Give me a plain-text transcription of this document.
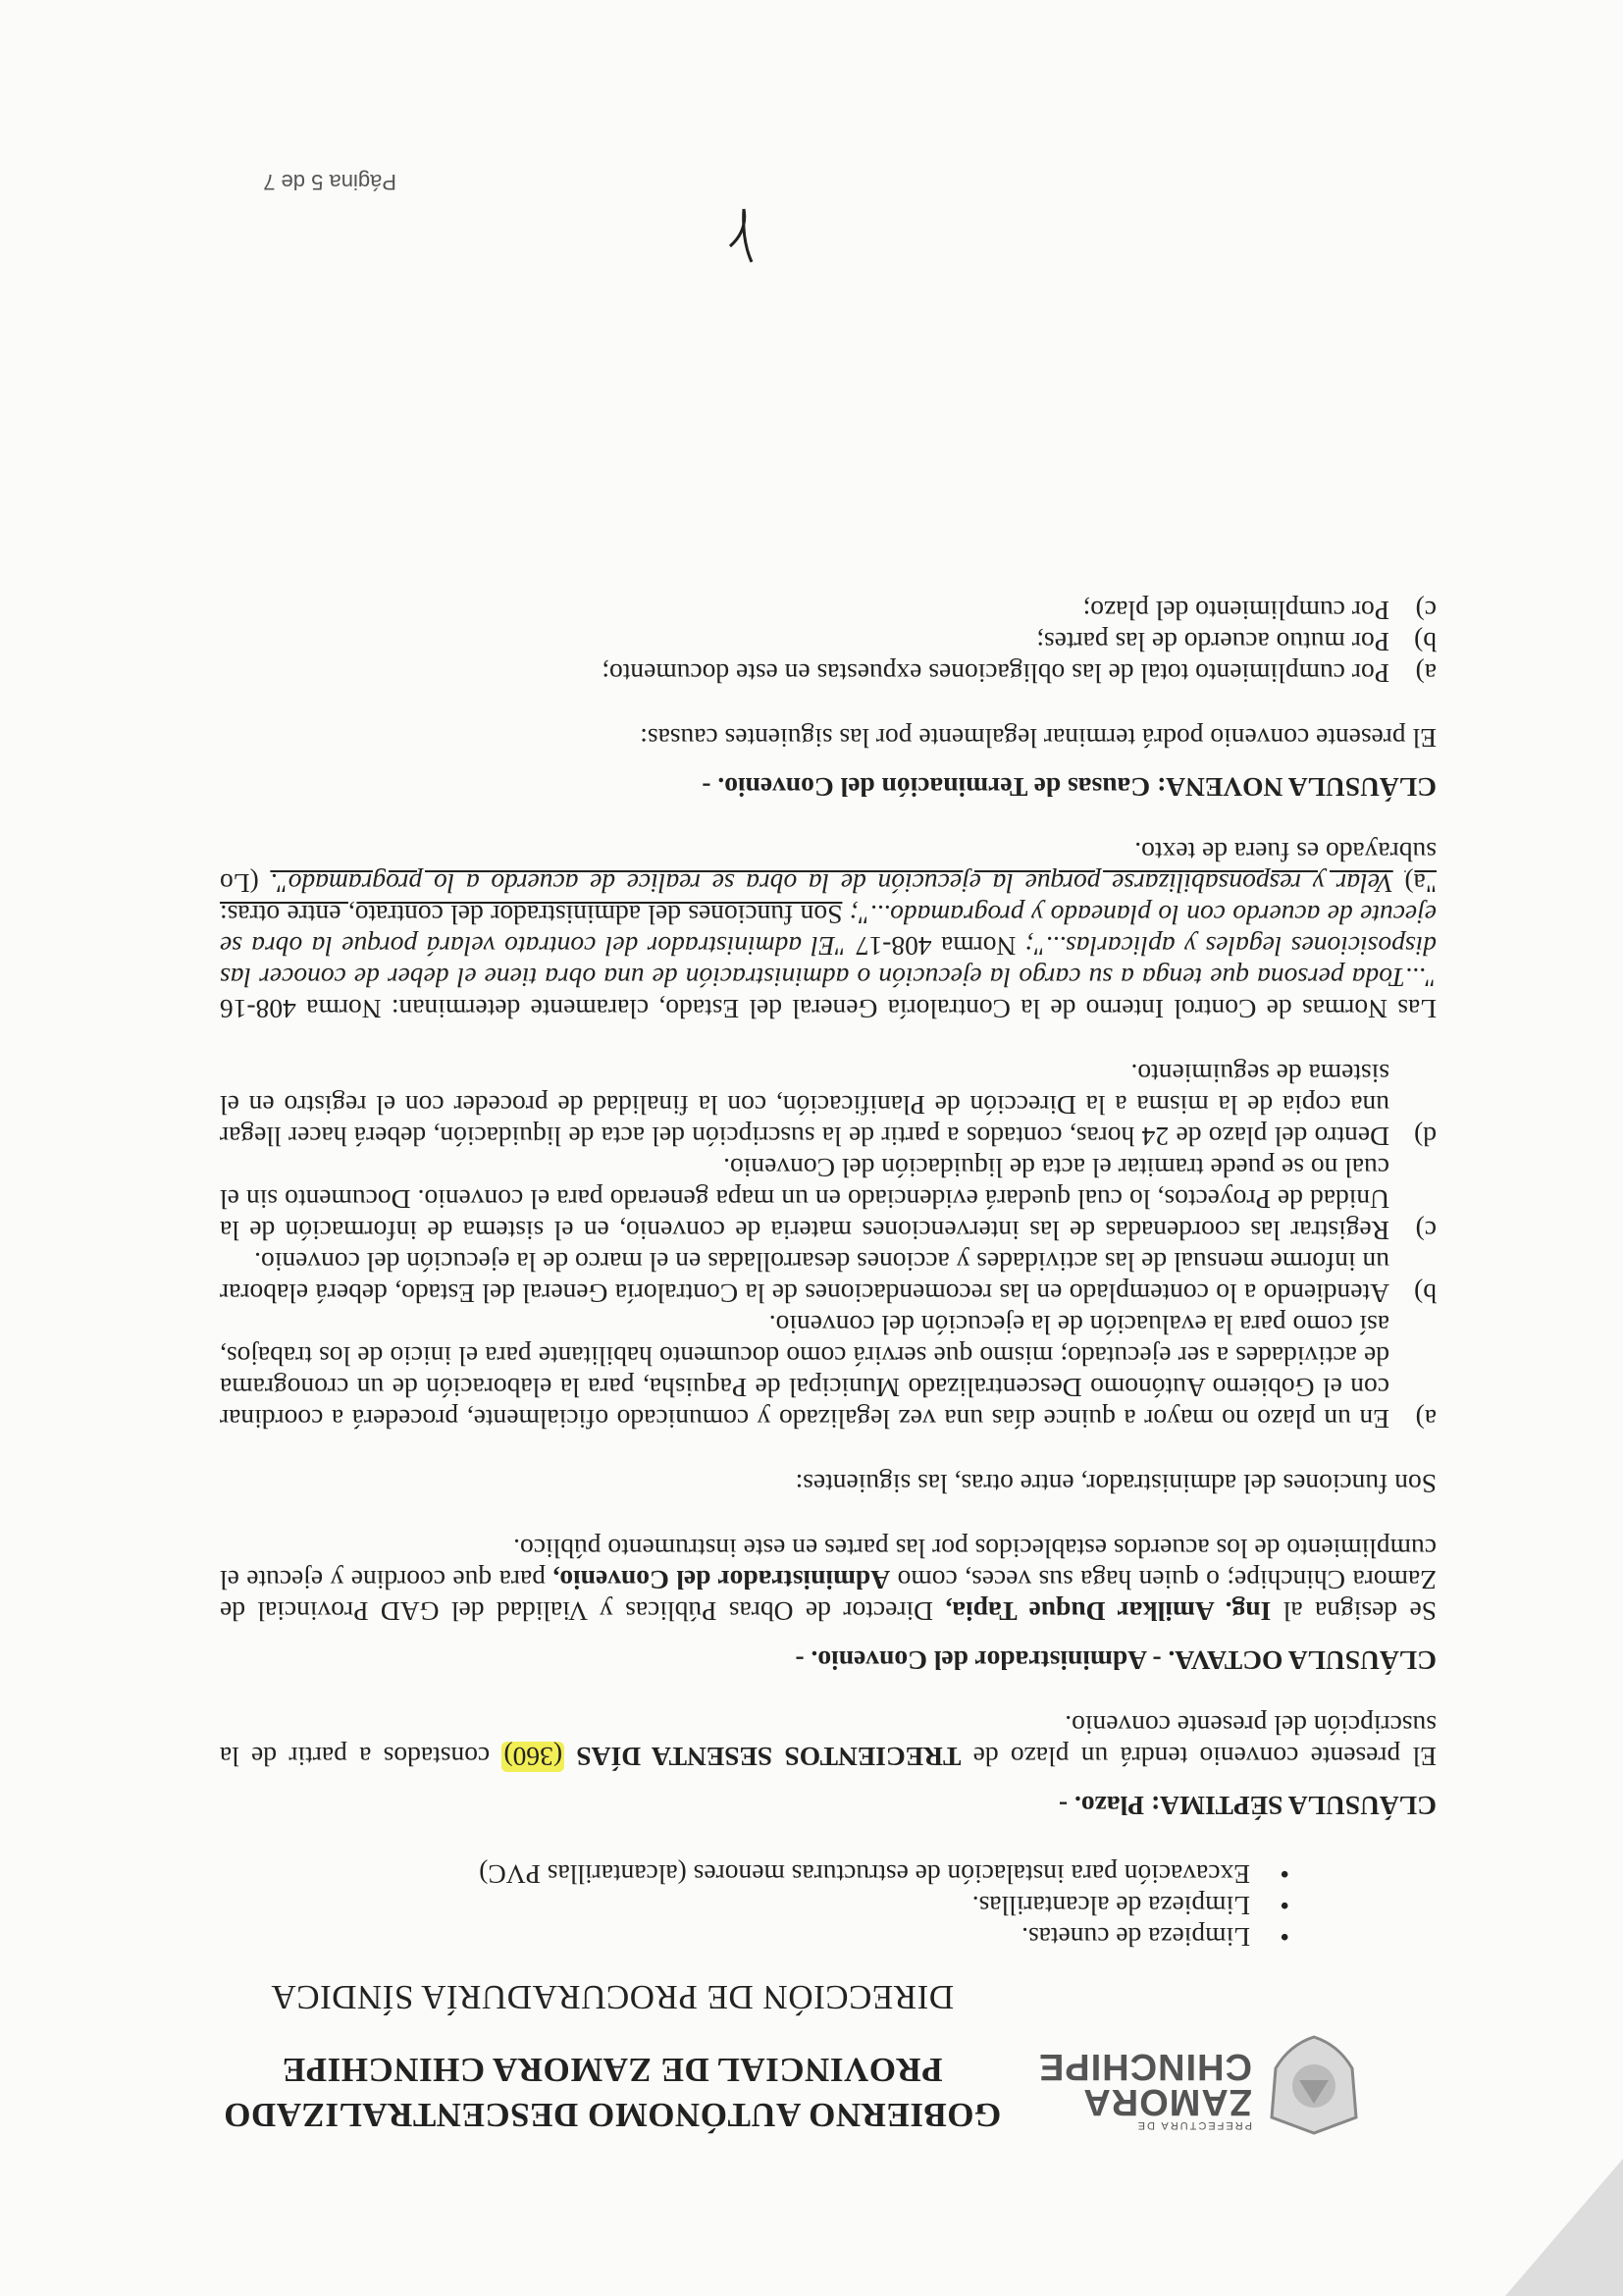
PREFECTURA DE
ZAMORA
CHINCHIPE
GOBIERNO AUTÓNOMO DESCENTRALIZADO
PROVINCIAL DE ZAMORA CHINCHIPE
DIRECCIÓN DE PROCURADURÍA SÍNDICA
• Limpieza de cunetas.
• Limpieza de alcantarillas.
• Excavación para instalación de estructuras menores (alcantarillas PVC)
CLÁUSULA SÉPTIMA: Plazo. -

El presente convenio tendrá un plazo de TRECIENTOS SESENTA DÍAS (360) constados a partir de la suscripción del presente convenio.

CLÁUSULA OCTAVA. - Administrador del Convenio. -

Se designa al Ing. Amilkar Duque Tapia, Director de Obras Públicas y Vialidad del GAD Provincial de Zamora Chinchipe; o quien haga sus veces, como Administrador del Convenio, para que coordine y ejecute el cumplimiento de los acuerdos establecidos por las partes en este instrumento público.

Son funciones del administrador, entre otras, las siguientes:

a)
En un plazo no mayor a quince días una vez legalizado y comunicado oficialmente, procederá a coordinar con el Gobierno Autónomo Descentralizado Municipal de Paquisha, para la elaboración de un cronograma de actividades a ser ejecutado; mismo que servirá como documento habilitante para el inicio de los trabajos, así como para la evaluación de la ejecución del convenio.
b)
Atendiendo a lo contemplado en las recomendaciones de la Contraloría General del Estado, deberá elaborar un informe mensual de las actividades y acciones desarrolladas en el marco de la ejecución del convenio.
c)
Registrar las coordenadas de las intervenciones materia de convenio, en el sistema de información de la Unidad de Proyectos, lo cual quedará evidenciado en un mapa generado para el convenio. Documento sin el cual no se puede tramitar el acta de liquidación del Convenio.
d)
Dentro del plazo de 24 horas, contados a partir de la suscripción del acta de liquidación, deberá hacer llegar una copia de la misma a la Dirección de Planificación, con la finalidad de proceder con el registro en el sistema de seguimiento.

Las Normas de Control Interno de la Contraloría General del Estado, claramente determinan: Norma 408-16 "...Toda persona que tenga a su cargo la ejecución o administración de una obra tiene el deber de conocer las disposiciones legales y aplicarlas..."; Norma 408-17 "El administrador del contrato velará porque la obra se ejecute de acuerdo con lo planeado y programado..."; Son funciones del administrador del contrato, entre otras: "a) Velar y responsabilizarse porque la ejecución de la obra se realice de acuerdo a lo programado". (Lo subrayado es fuera de texto.

CLÁUSULA NOVENA: Causas de Terminación del Convenio. -

El presente convenio podrá terminar legalmente por las siguientes causas:

a)
Por cumplimiento total de las obligaciones expuestas en este documento;
b)
Por mutuo acuerdo de las partes;
c)
Por cumplimiento del plazo;
Página 5 de 7
